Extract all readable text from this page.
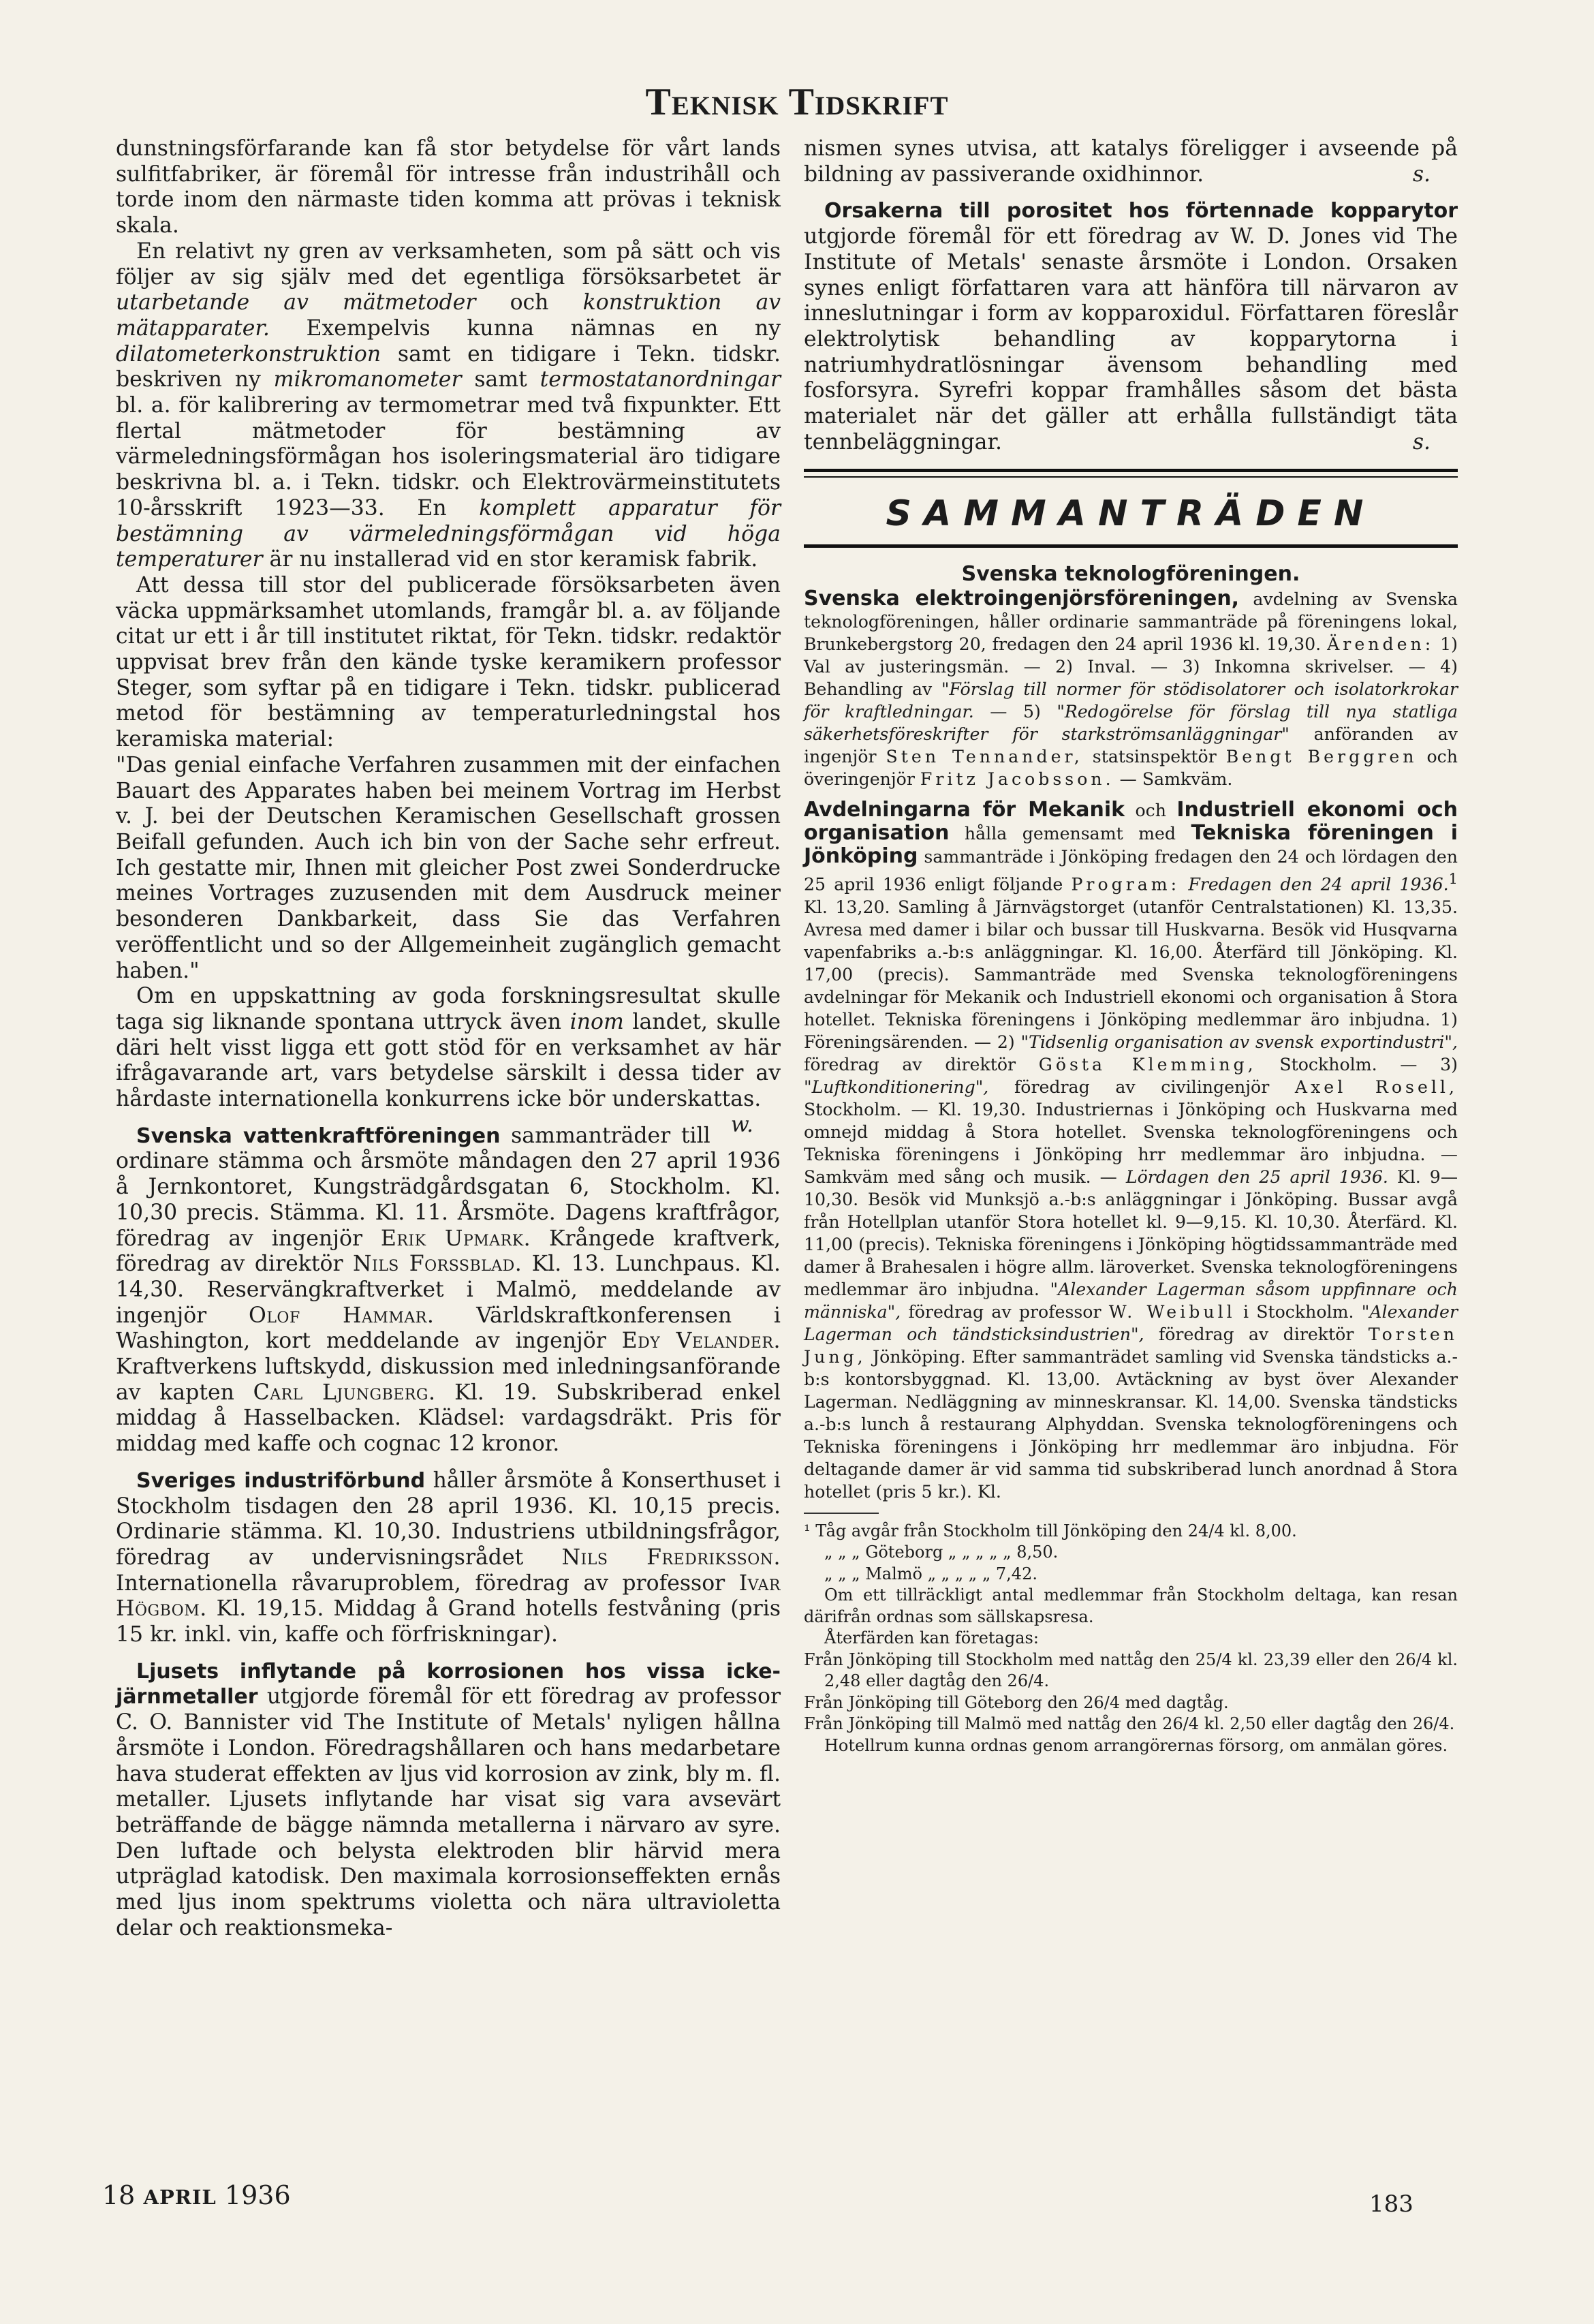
Teknisk Tidskrift

dunstningsförfarande kan få stor betydelse för vårt lands sulfitfabriker, är föremål för intresse från industrihåll och torde inom den närmaste tiden komma att prövas i teknisk skala.

En relativt ny gren av verksamheten, som på sätt och vis följer av sig själv med det egentliga försöksarbetet är utarbetande av mätmetoder och konstruktion av mätapparater. Exempelvis kunna nämnas en ny dilatometerkonstruktion samt en tidigare i Tekn. tidskr. beskriven ny mikromanometer samt termostatanordningar bl. a. för kalibrering av termometrar med två fixpunkter. Ett flertal mätmetoder för bestämning av värmeledningsförmågan hos isoleringsmaterial äro tidigare beskrivna bl. a. i Tekn. tidskr. och Elektrovärmeinstitutets 10-årsskrift 1923—33. En komplett apparatur för bestämning av värmeledningsförmågan vid höga temperaturer är nu installerad vid en stor keramisk fabrik.

Att dessa till stor del publicerade försöksarbeten även väcka uppmärksamhet utomlands, framgår bl. a. av följande citat ur ett i år till institutet riktat, för Tekn. tidskr. redaktör uppvisat brev från den kände tyske keramikern professor Steger, som syftar på en tidigare i Tekn. tidskr. publicerad metod för bestämning av temperaturledningstal hos keramiska material:

"Das genial einfache Verfahren zusammen mit der einfachen Bauart des Apparates haben bei meinem Vortrag im Herbst v. J. bei der Deutschen Keramischen Gesellschaft grossen Beifall gefunden. Auch ich bin von der Sache sehr erfreut. Ich gestatte mir, Ihnen mit gleicher Post zwei Sonderdrucke meines Vortrages zuzusenden mit dem Ausdruck meiner besonderen Dankbarkeit, dass Sie das Verfahren veröffentlicht und so der Allgemeinheit zugänglich gemacht haben."

Om en uppskattning av goda forskningsresultat skulle taga sig liknande spontana uttryck även inom landet, skulle däri helt visst ligga ett gott stöd för en verksamhet av här ifrågavarande art, vars betydelse särskilt i dessa tider av hårdaste internationella konkurrens icke bör underskattas.
w.

Svenska vattenkraftföreningen sammanträder till ordinare stämma och årsmöte måndagen den 27 april 1936 å Jernkontoret, Kungsträdgårdsgatan 6, Stockholm. Kl. 10,30 precis. Stämma. Kl. 11. Årsmöte. Dagens kraftfrågor, föredrag av ingenjör Erik Upmark. Krångede kraftverk, föredrag av direktör Nils Forssblad. Kl. 13. Lunchpaus. Kl. 14,30. Reservängkraftverket i Malmö, meddelande av ingenjör Olof Hammar. Världskraftkonferensen i Washington, kort meddelande av ingenjör Edy Velander. Kraftverkens luftskydd, diskussion med inledningsanförande av kapten Carl Ljungberg. Kl. 19. Subskriberad enkel middag å Hasselbacken. Klädsel: vardagsdräkt. Pris för middag med kaffe och cognac 12 kronor.

Sveriges industriförbund håller årsmöte å Konserthuset i Stockholm tisdagen den 28 april 1936. Kl. 10,15 precis. Ordinarie stämma. Kl. 10,30. Industriens utbildningsfrågor, föredrag av undervisningsrådet Nils Fredriksson. Internationella råvaruproblem, föredrag av professor Ivar Högbom. Kl. 19,15. Middag å Grand hotells festvåning (pris 15 kr. inkl. vin, kaffe och förfriskningar).

Ljusets inflytande på korrosionen hos vissa icke-järnmetaller utgjorde föremål för ett föredrag av professor C. O. Bannister vid The Institute of Metals' nyligen hållna årsmöte i London. Föredragshållaren och hans medarbetare hava studerat effekten av ljus vid korrosion av zink, bly m. fl. metaller. Ljusets inflytande har visat sig vara avsevärt beträffande de bägge nämnda metallerna i närvaro av syre. Den luftade och belysta elektroden blir härvid mera utpräglad katodisk. Den maximala korrosionseffekten ernås med ljus inom spektrums violetta och nära ultravioletta delar och reaktionsmeka-

nismen synes utvisa, att katalys föreligger i avseende på bildning av passiverande oxidhinnor.	s.

Orsakerna till porositet hos förtennade kopparytor utgjorde föremål för ett föredrag av W. D. Jones vid The Institute of Metals' senaste årsmöte i London. Orsaken synes enligt författaren vara att hänföra till närvaron av inneslutningar i form av kopparoxidul. Författaren föreslår elektrolytisk behandling av kopparytorna i natriumhydratlösningar ävensom behandling med fosforsyra. Syrefri koppar framhålles såsom det bästa materialet när det gäller att erhålla fullständigt täta tennbeläggningar.	s.

SAMMANTRÄDEN

Svenska teknologföreningen.

Svenska elektroingenjörsföreningen, avdelning av Svenska teknologföreningen, håller ordinarie sammanträde på föreningens lokal, Brunkebergstorg 20, fredagen den 24 april 1936 kl. 19,30. Ärenden: 1) Val av justeringsmän. — 2) Inval. — 3) Inkomna skrivelser. — 4) Behandling av "Förslag till normer för stödisolatorer och isolatorkrokar för kraftledningar. — 5) "Redogörelse för förslag till nya statliga säkerhetsföreskrifter för starkströmsanläggningar" anföranden av ingenjör Sten Tennander, statsinspektör Bengt Berggren och överingenjör Fritz Jacobsson. — Samkväm.

Avdelningarna för Mekanik och Industriell ekonomi och organisation hålla gemensamt med Tekniska föreningen i Jönköping sammanträde i Jönköping fredagen den 24 och lördagen den 25 april 1936 enligt följande Program: Fredagen den 24 april 1936.$^1$ Kl. 13,20. Samling å Järnvägstorget (utanför Centralstationen) Kl. 13,35. Avresa med damer i bilar och bussar till Huskvarna. Besök vid Husqvarna vapenfabriks a.-b:s anläggningar. Kl. 16,00. Återfärd till Jönköping. Kl. 17,00 (precis). Sammanträde med Svenska teknologföreningens avdelningar för Mekanik och Industriell ekonomi och organisation å Stora hotellet. Tekniska föreningens i Jönköping medlemmar äro inbjudna. 1) Föreningsärenden. — 2) "Tidsenlig organisation av svensk exportindustri", föredrag av direktör Gösta Klemming, Stockholm. — 3) "Luftkonditionering", föredrag av civilingenjör Axel Rosell, Stockholm. — Kl. 19,30. Industriernas i Jönköping och Huskvarna med omnejd middag å Stora hotellet. Svenska teknologföreningens och Tekniska föreningens i Jönköping hrr medlemmar äro inbjudna. — Samkväm med sång och musik. — Lördagen den 25 april 1936. Kl. 9—10,30. Besök vid Munksjö a.-b:s anläggningar i Jönköping. Bussar avgå från Hotellplan utanför Stora hotellet kl. 9—9,15. Kl. 10,30. Återfärd. Kl. 11,00 (precis). Tekniska föreningens i Jönköping högtidssammanträde med damer å Brahesalen i högre allm. läroverket. Svenska teknologföreningens medlemmar äro inbjudna. "Alexander Lagerman såsom uppfinnare och människa", föredrag av professor W. Weibull i Stockholm. "Alexander Lagerman och tändsticksindustrien", föredrag av direktör Torsten Jung, Jönköping. Efter sammanträdet samling vid Svenska tändsticks a.-b:s kontorsbyggnad. Kl. 13,00. Avtäckning av byst över Alexander Lagerman. Nedläggning av minneskransar. Kl. 14,00. Svenska tändsticks a.-b:s lunch å restaurang Alphyddan. Svenska teknologföreningens och Tekniska föreningens i Jönköping hrr medlemmar äro inbjudna. För deltagande damer är vid samma tid subskriberad lunch anordnad å Stora hotellet (pris 5 kr.). Kl.

¹ Tåg avgår från Stockholm till Jönköping den 24/4 kl. 8,00.

„ „ „ Göteborg „ „ „ „ „ 8,50.

„ „ „ Malmö „ „ „ „ „ 7,42.

Om ett tillräckligt antal medlemmar från Stockholm deltaga, kan resan därifrån ordnas som sällskapsresa.

Återfärden kan företagas:

Från Jönköping till Stockholm med nattåg den 25/4 kl. 23,39 eller den 26/4 kl. 2,48 eller dagtåg den 26/4.

Från Jönköping till Göteborg den 26/4 med dagtåg.

Från Jönköping till Malmö med nattåg den 26/4 kl. 2,50 eller dagtåg den 26/4.

Hotellrum kunna ordnas genom arrangörernas försorg, om anmälan göres.

18 APRIL 1936	183
